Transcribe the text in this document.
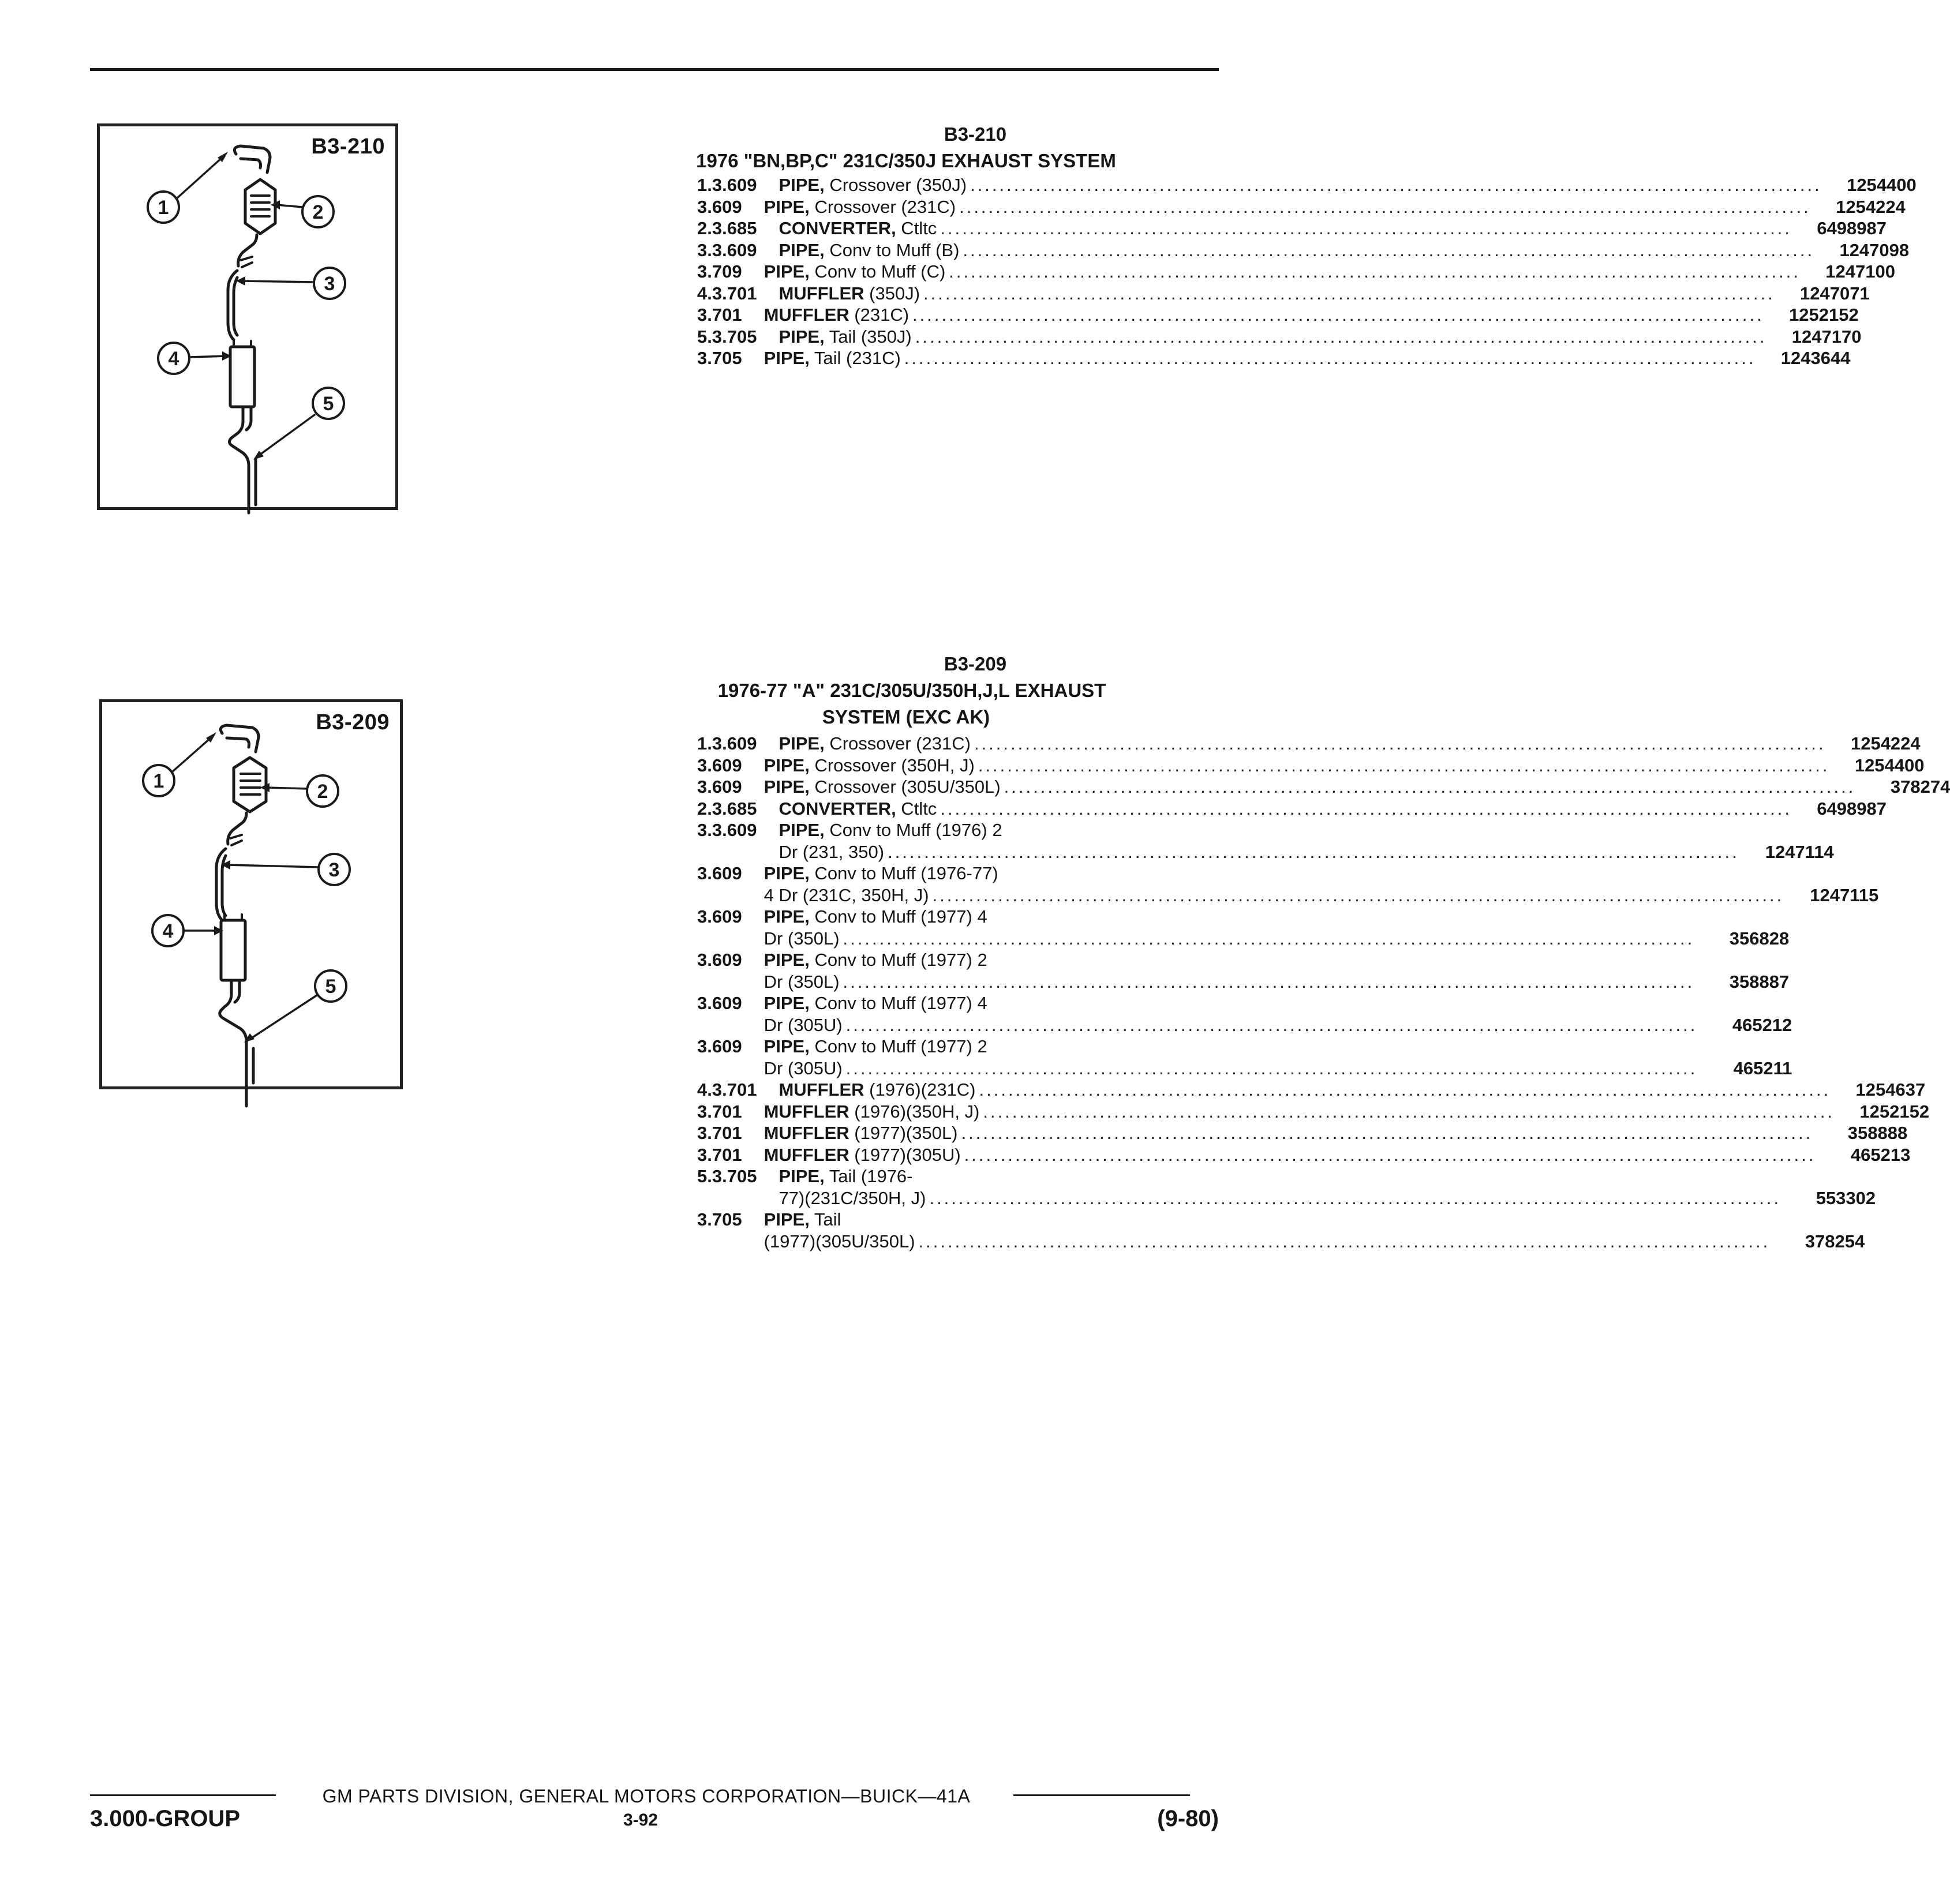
1	2
3
4
5
B3-210
B3-210
1976 "BN,BP,C" 231C/350J EXHAUST SYSTEM
1. 3.609	PIPE, Crossover (350J) .....	1254400
3.609	PIPE, Crossover (231C) .....	1254224
2. 3.685	CONVERTER, Ctltc .....	6498987
3. 3.609	PIPE, Conv to Muff (B) .....	1247098
3.709	PIPE, Conv to Muff (C) .....	1247100
4. 3.701	MUFFLER (350J) .....	1247071
3.701	MUFFLER (231C) .....	1252152
5. 3.705	PIPE, Tail (350J) .....	1247170
3.705	PIPE, Tail (231C) .....	1243644
1	2
3
4
5
B3-209
B3-209
1976-77 "A" 231C/305U/350H,J,L EXHAUST
SYSTEM (EXC AK)
1. 3.609	PIPE, Crossover (231C) .....	1254224
3.609	PIPE, Crossover (350H, J) .....	1254400
3.609	PIPE, Crossover (305U/350L) .....	378274
2. 3.685	CONVERTER, Ctltc .....	6498987
3. 3.609	PIPE, Conv to Muff (1976) 2
Dr (231, 350) .....	1247114
3.609	PIPE, Conv to Muff (1976-77)
4 Dr (231C, 350H, J) .....	1247115
3.609	PIPE, Conv to Muff (1977) 4
Dr (350L) .....	356828
3.609	PIPE, Conv to Muff (1977) 2
Dr (350L) .....	358887
3.609	PIPE, Conv to Muff (1977) 4
Dr (305U) .....	465212
3.609	PIPE, Conv to Muff (1977) 2
Dr (305U) .....	465211
4. 3.701	MUFFLER (1976)(231C) .....	1254637
3.701	MUFFLER (1976)(350H, J) .....	1252152
3.701	MUFFLER (1977)(350L) .....	358888
3.701	MUFFLER (1977)(305U) .....	465213
5. 3.705	PIPE, Tail (1976-
77)(231C/350H, J) .....	553302
3.705	PIPE, Tail
(1977)(305U/350L) .....	378254
GM PARTS DIVISION, GENERAL MOTORS CORPORATION—BUICK—41A
3.000-GROUP	3-92	(9-80)
